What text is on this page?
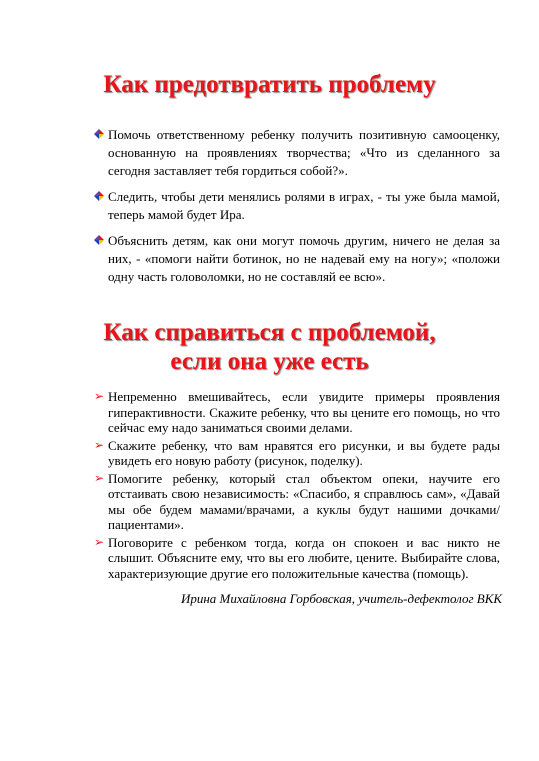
Как предотвратить проблему
Помочь ответственному ребенку получить позитивную самооценку, основанную на проявлениях творчества; «Что из сделанного за сегодня заставляет тебя гордиться собой?».
Следить, чтобы дети менялись ролями в играх, - ты уже была мамой, теперь мамой будет Ира.
Объяснить детям, как они могут помочь другим, ничего не делая за них, - «помоги найти ботинок, но не надевай ему на ногу»; «положи одну часть головоломки, но не составляй ее всю».
Как справиться с проблемой,
если она уже есть
➢ Непременно вмешивайтесь, если увидите примеры проявления гиперактивности. Скажите ребенку, что вы цените его помощь, но что сейчас ему надо заниматься своими делами.
➢ Скажите ребенку, что вам нравятся его рисунки, и вы будете рады увидеть его новую работу (рисунок, поделку).
➢ Помогите ребенку, который стал объектом опеки, научите его отстаивать свою независимость: «Спасибо, я справлюсь сам», «Давай мы обе будем мамами/врачами, а куклы будут нашими дочками/пациентами».
➢ Поговорите с ребенком тогда, когда он спокоен и вас никто не слышит. Объясните ему, что вы его любите, цените. Выбирайте слова, характеризующие другие его положительные качества (помощь).
Ирина Михайловна Горбовская, учитель-дефектолог ВКК
